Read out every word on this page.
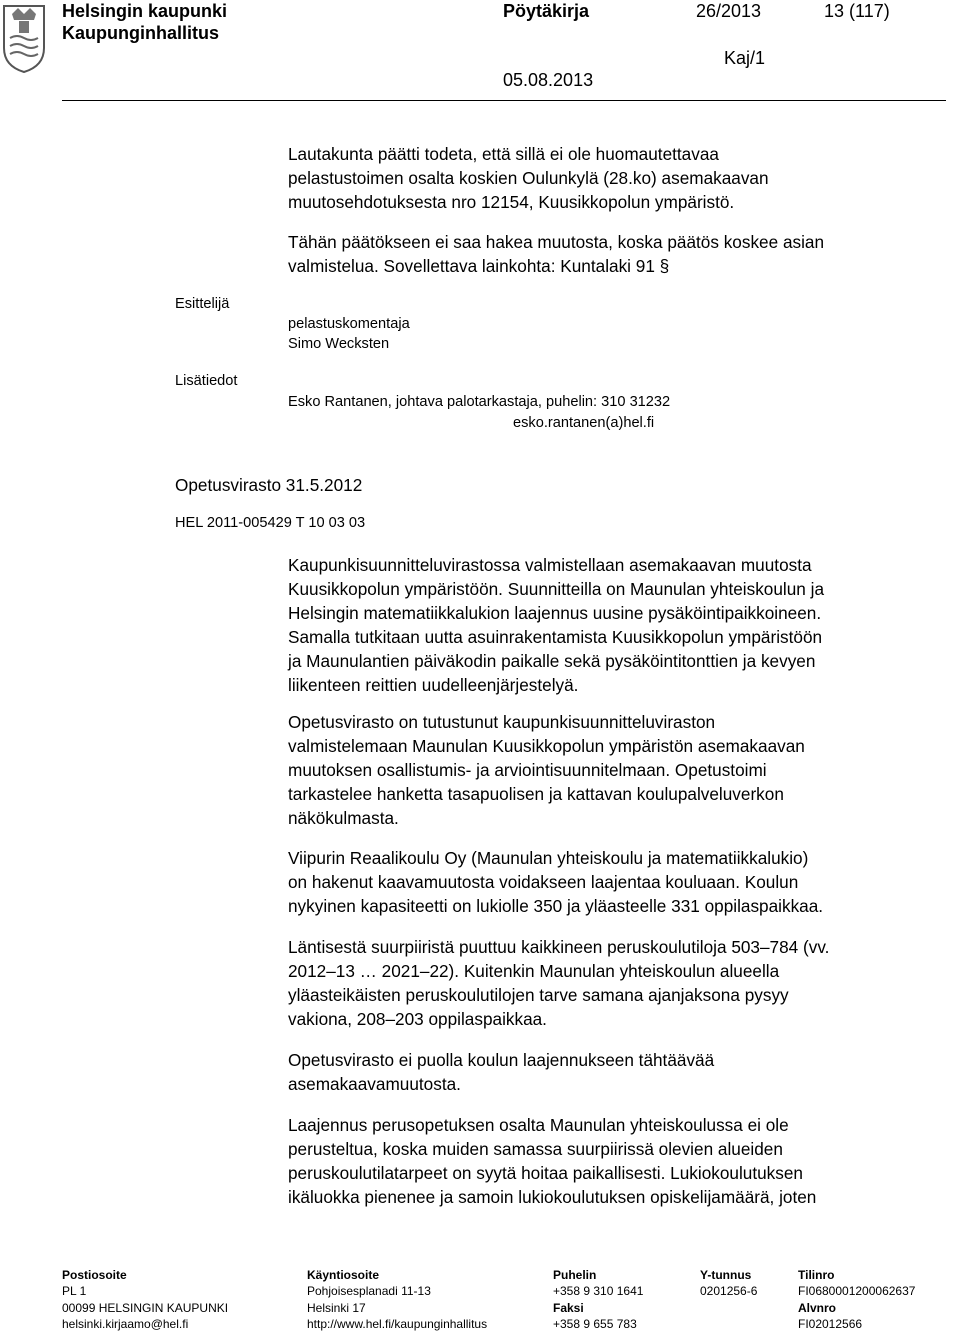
Helsingin kaupunki
Kaupunginhallitus
Pöytäkirja	26/2013	13 (117)
Kaj/1
05.08.2013

Lautakunta päätti todeta, että sillä ei ole huomautettavaa
pelastustoimen osalta koskien Oulunkylä (28.ko) asemakaavan
muutosehdotuksesta nro 12154, Kuusikkopolun ympäristö.

Tähän päätökseen ei saa hakea muutosta, koska päätös koskee asian
valmistelua. Sovellettava lainkohta: Kuntalaki 91 §

Esittelijä
pelastuskomentaja
Simo Wecksten
Lisätiedot
Esko Rantanen, johtava palotarkastaja, puhelin: 310 31232
esko.rantanen(a)hel.fi
Opetusvirasto 31.5.2012
HEL 2011-005429 T 10 03 03

Kaupunkisuunnitteluvirastossa valmistellaan asemakaavan muutosta
Kuusikkopolun ympäristöön. Suunnitteilla on Maunulan yhteiskoulun ja
Helsingin matematiikkalukion laajennus uusine pysäköintipaikkoineen.
Samalla tutkitaan uutta asuinrakentamista Kuusikkopolun ympäristöön
ja Maunulantien päiväkodin paikalle sekä pysäköintitonttien ja kevyen
liikenteen reittien uudelleenjärjestelyä.

Opetusvirasto on tutustunut kaupunkisuunnitteluviraston
valmistelemaan Maunulan Kuusikkopolun ympäristön asemakaavan
muutoksen osallistumis- ja arviointisuunnitelmaan. Opetustoimi
tarkastelee hanketta tasapuolisen ja kattavan koulupalveluverkon
näkökulmasta.

Viipurin Reaalikoulu Oy (Maunulan yhteiskoulu ja matematiikkalukio)
on hakenut kaavamuutosta voidakseen laajentaa kouluaan. Koulun
nykyinen kapasiteetti on lukiolle 350 ja yläasteelle 331 oppilaspaikkaa.

Läntisestä suurpiiristä puuttuu kaikkineen peruskoulutiloja 503–784 (vv.
2012–13 … 2021–22). Kuitenkin Maunulan yhteiskoulun alueella
yläasteikäisten peruskoulutilojen tarve samana ajanjaksona pysyy
vakiona, 208–203 oppilaspaikkaa.

Opetusvirasto ei puolla koulun laajennukseen tähtäävää
asemakaavamuutosta.

Laajennus perusopetuksen osalta Maunulan yhteiskoulussa ei ole
perusteltua, koska muiden samassa suurpiirissä olevien alueiden
peruskoulutilatarpeet on syytä hoitaa paikallisesti. Lukiokoulutuksen
ikäluokka pienenee ja samoin lukiokoulutuksen opiskelijamäärä, joten

Postiosoite
PL 1
00099 HELSINGIN KAUPUNKI
helsinki.kirjaamo@hel.fi
Käyntiosoite
Pohjoisesplanadi 11-13
Helsinki 17
http://www.hel.fi/kaupunginhallitus
Puhelin
+358 9 310 1641
Faksi
+358 9 655 783
Y-tunnus
0201256-6
Tilinro
FI0680001200062637
Alvnro
FI02012566
